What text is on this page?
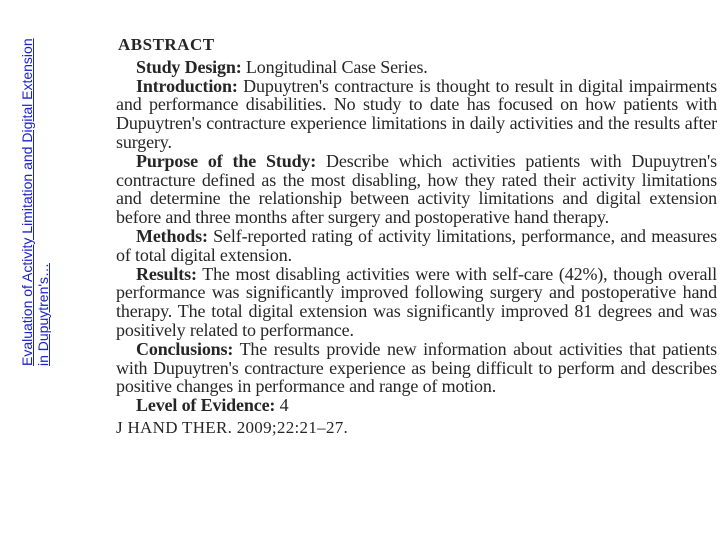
Evaluation of Activity Limitation and Digital Extension in Dupuytren's…
ABSTRACT

Study Design: Longitudinal Case Series.

Introduction: Dupuytren's contracture is thought to result in digital impairments and performance disabilities. No study to date has focused on how patients with Dupuytren's contracture experience limitations in daily activities and the results after surgery.

Purpose of the Study: Describe which activities patients with Dupuytren's contracture defined as the most disabling, how they rated their activity limitations and determine the relationship between activity limitations and digital extension before and three months after surgery and postoperative hand therapy.

Methods: Self-reported rating of activity limitations, performance, and measures of total digital extension.

Results: The most disabling activities were with self-care (42%), though overall performance was significantly improved following surgery and postoperative hand therapy. The total digital extension was significantly improved 81 degrees and was positively related to performance.

Conclusions: The results provide new information about activities that patients with Dupuytren's contracture experience as being difficult to perform and describes positive changes in performance and range of motion.

Level of Evidence: 4

J HAND THER. 2009;22:21–27.
